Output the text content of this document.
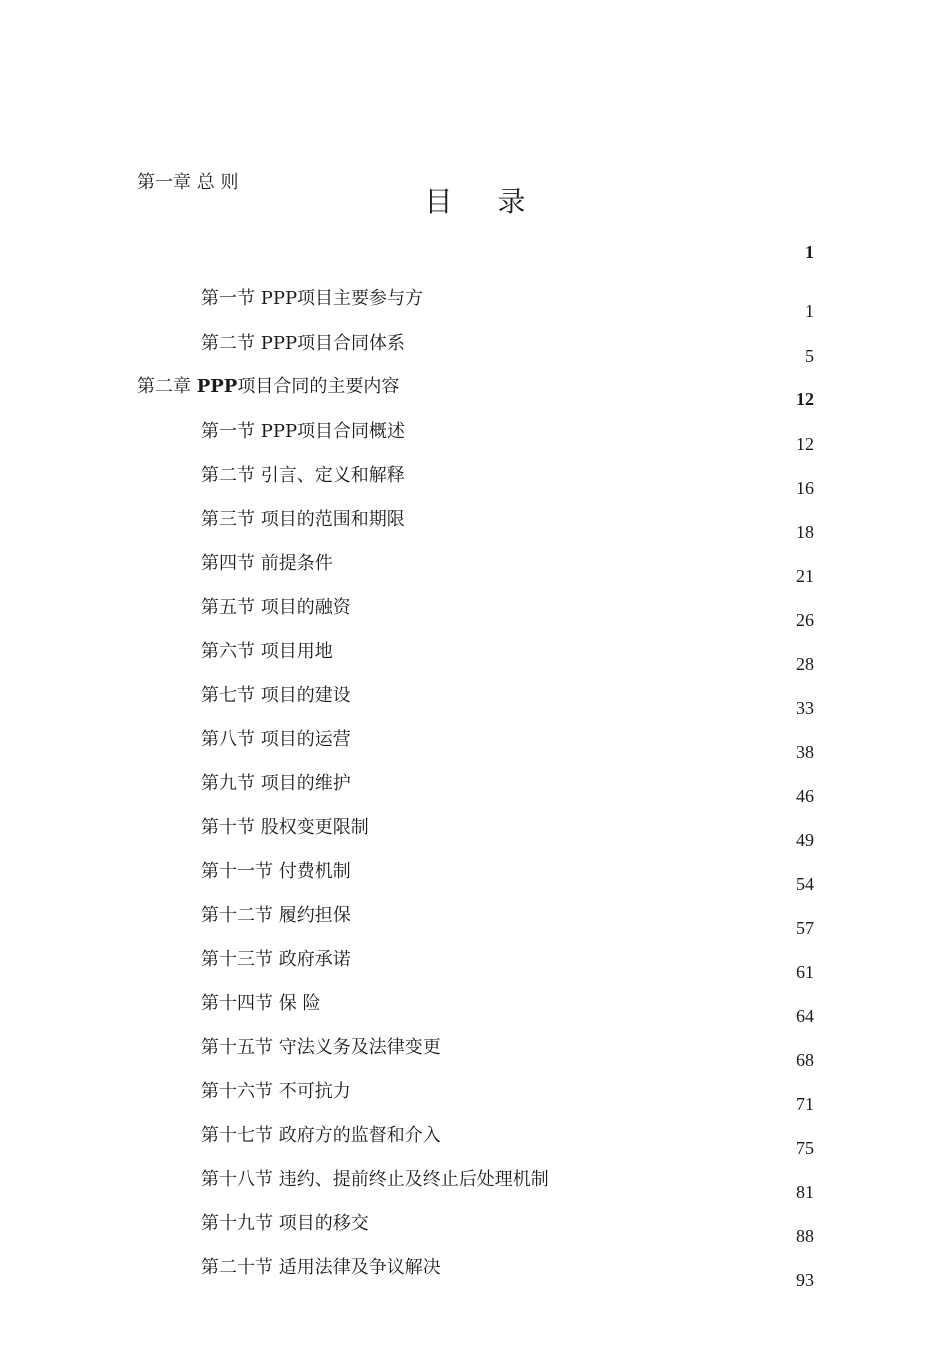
目 录
第一章 总 则
1
第一节 PPP项目主要参与方
1
第二节 PPP项目合同体系
5
第二章 PPP项目合同的主要内容
12
第一节 PPP项目合同概述
12
第二节 引言、定义和解释
16
第三节 项目的范围和期限
18
第四节 前提条件
21
第五节 项目的融资
26
第六节 项目用地
28
第七节 项目的建设
33
第八节 项目的运营
38
第九节 项目的维护
46
第十节 股权变更限制
49
第十一节 付费机制
54
第十二节 履约担保
57
第十三节 政府承诺
61
第十四节 保 险
64
第十五节 守法义务及法律变更
68
第十六节 不可抗力
71
第十七节 政府方的监督和介入
75
第十八节 违约、提前终止及终止后处理机制
81
第十九节 项目的移交
88
第二十节 适用法律及争议解决
93
